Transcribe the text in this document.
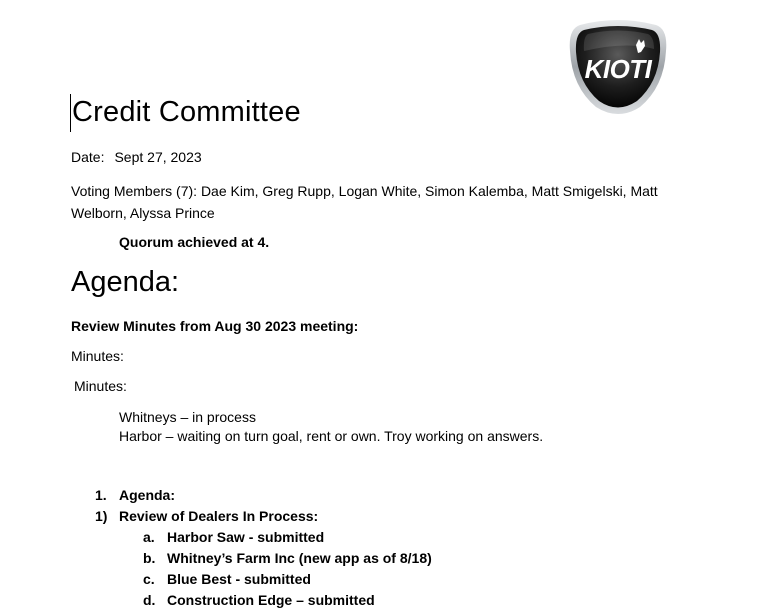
KIOTI
Credit Committee
Date: Sept 27, 2023
Voting Members (7): Dae Kim, Greg Rupp, Logan White, Simon Kalemba, Matt Smigelski, Matt Welborn, Alyssa Prince
Quorum achieved at 4.
Agenda:
Review Minutes from Aug 30 2023 meeting:
Minutes:
Minutes:
Whitneys – in process
Harbor – waiting on turn goal, rent or own. Troy working on answers.
1. Agenda:
1) Review of Dealers In Process:
a. Harbor Saw - submitted
b. Whitney’s Farm Inc (new app as of 8/18)
c. Blue Best - submitted
d. Construction Edge – submitted
